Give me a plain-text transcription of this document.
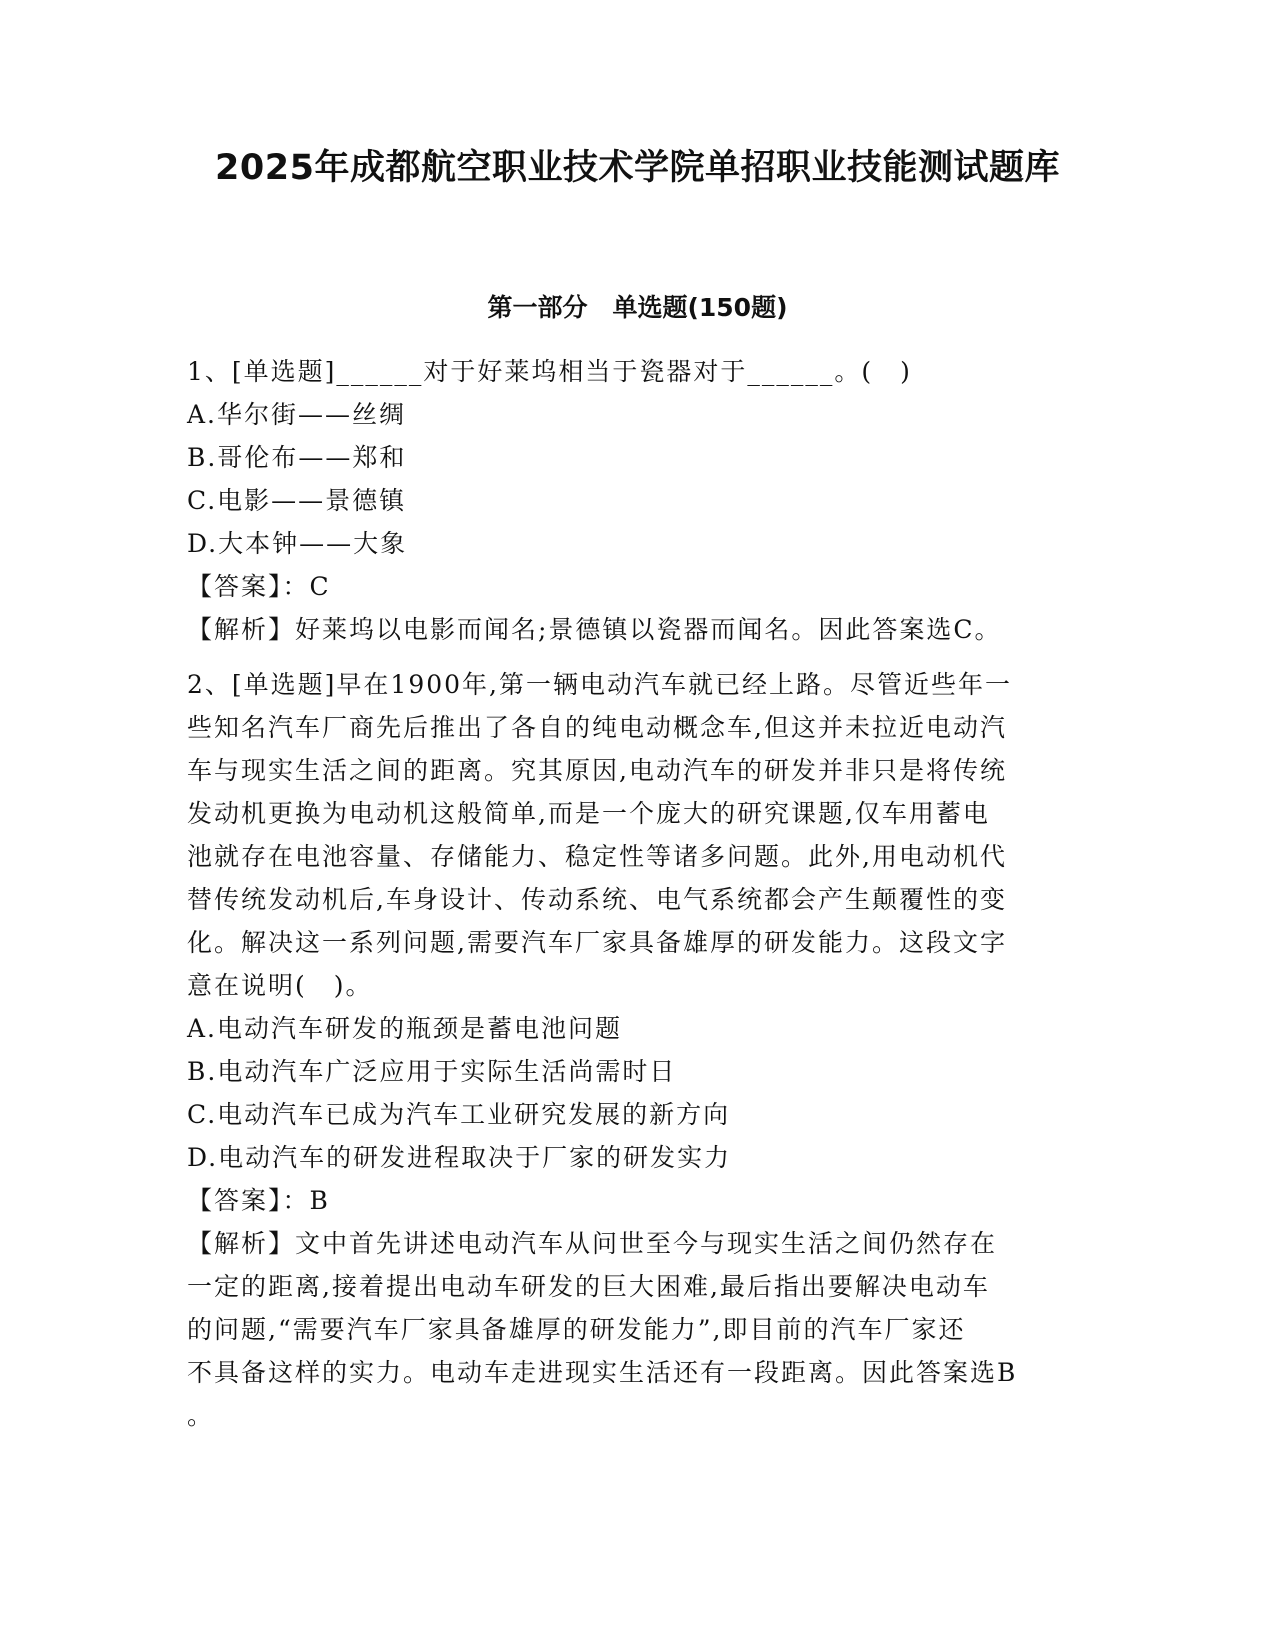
2025年成都航空职业技术学院单招职业技能测试题库
第一部分　单选题(150题)
1、[单选题]______对于好莱坞相当于瓷器对于______。(　)
A.华尔街——丝绸
B.哥伦布——郑和
C.电影——景德镇
D.大本钟——大象
【答案】：C
【解析】好莱坞以电影而闻名;景德镇以瓷器而闻名。因此答案选C。
2、[单选题]早在1900年,第一辆电动汽车就已经上路。尽管近些年一
些知名汽车厂商先后推出了各自的纯电动概念车,但这并未拉近电动汽
车与现实生活之间的距离。究其原因,电动汽车的研发并非只是将传统
发动机更换为电动机这般简单,而是一个庞大的研究课题,仅车用蓄电
池就存在电池容量、存储能力、稳定性等诸多问题。此外,用电动机代
替传统发动机后,车身设计、传动系统、电气系统都会产生颠覆性的变
化。解决这一系列问题,需要汽车厂家具备雄厚的研发能力。这段文字
意在说明(　)。
A.电动汽车研发的瓶颈是蓄电池问题
B.电动汽车广泛应用于实际生活尚需时日
C.电动汽车已成为汽车工业研究发展的新方向
D.电动汽车的研发进程取决于厂家的研发实力
【答案】：B
【解析】文中首先讲述电动汽车从问世至今与现实生活之间仍然存在
一定的距离,接着提出电动车研发的巨大困难,最后指出要解决电动车
的问题,“需要汽车厂家具备雄厚的研发能力”,即目前的汽车厂家还
不具备这样的实力。电动车走进现实生活还有一段距离。因此答案选B
。
